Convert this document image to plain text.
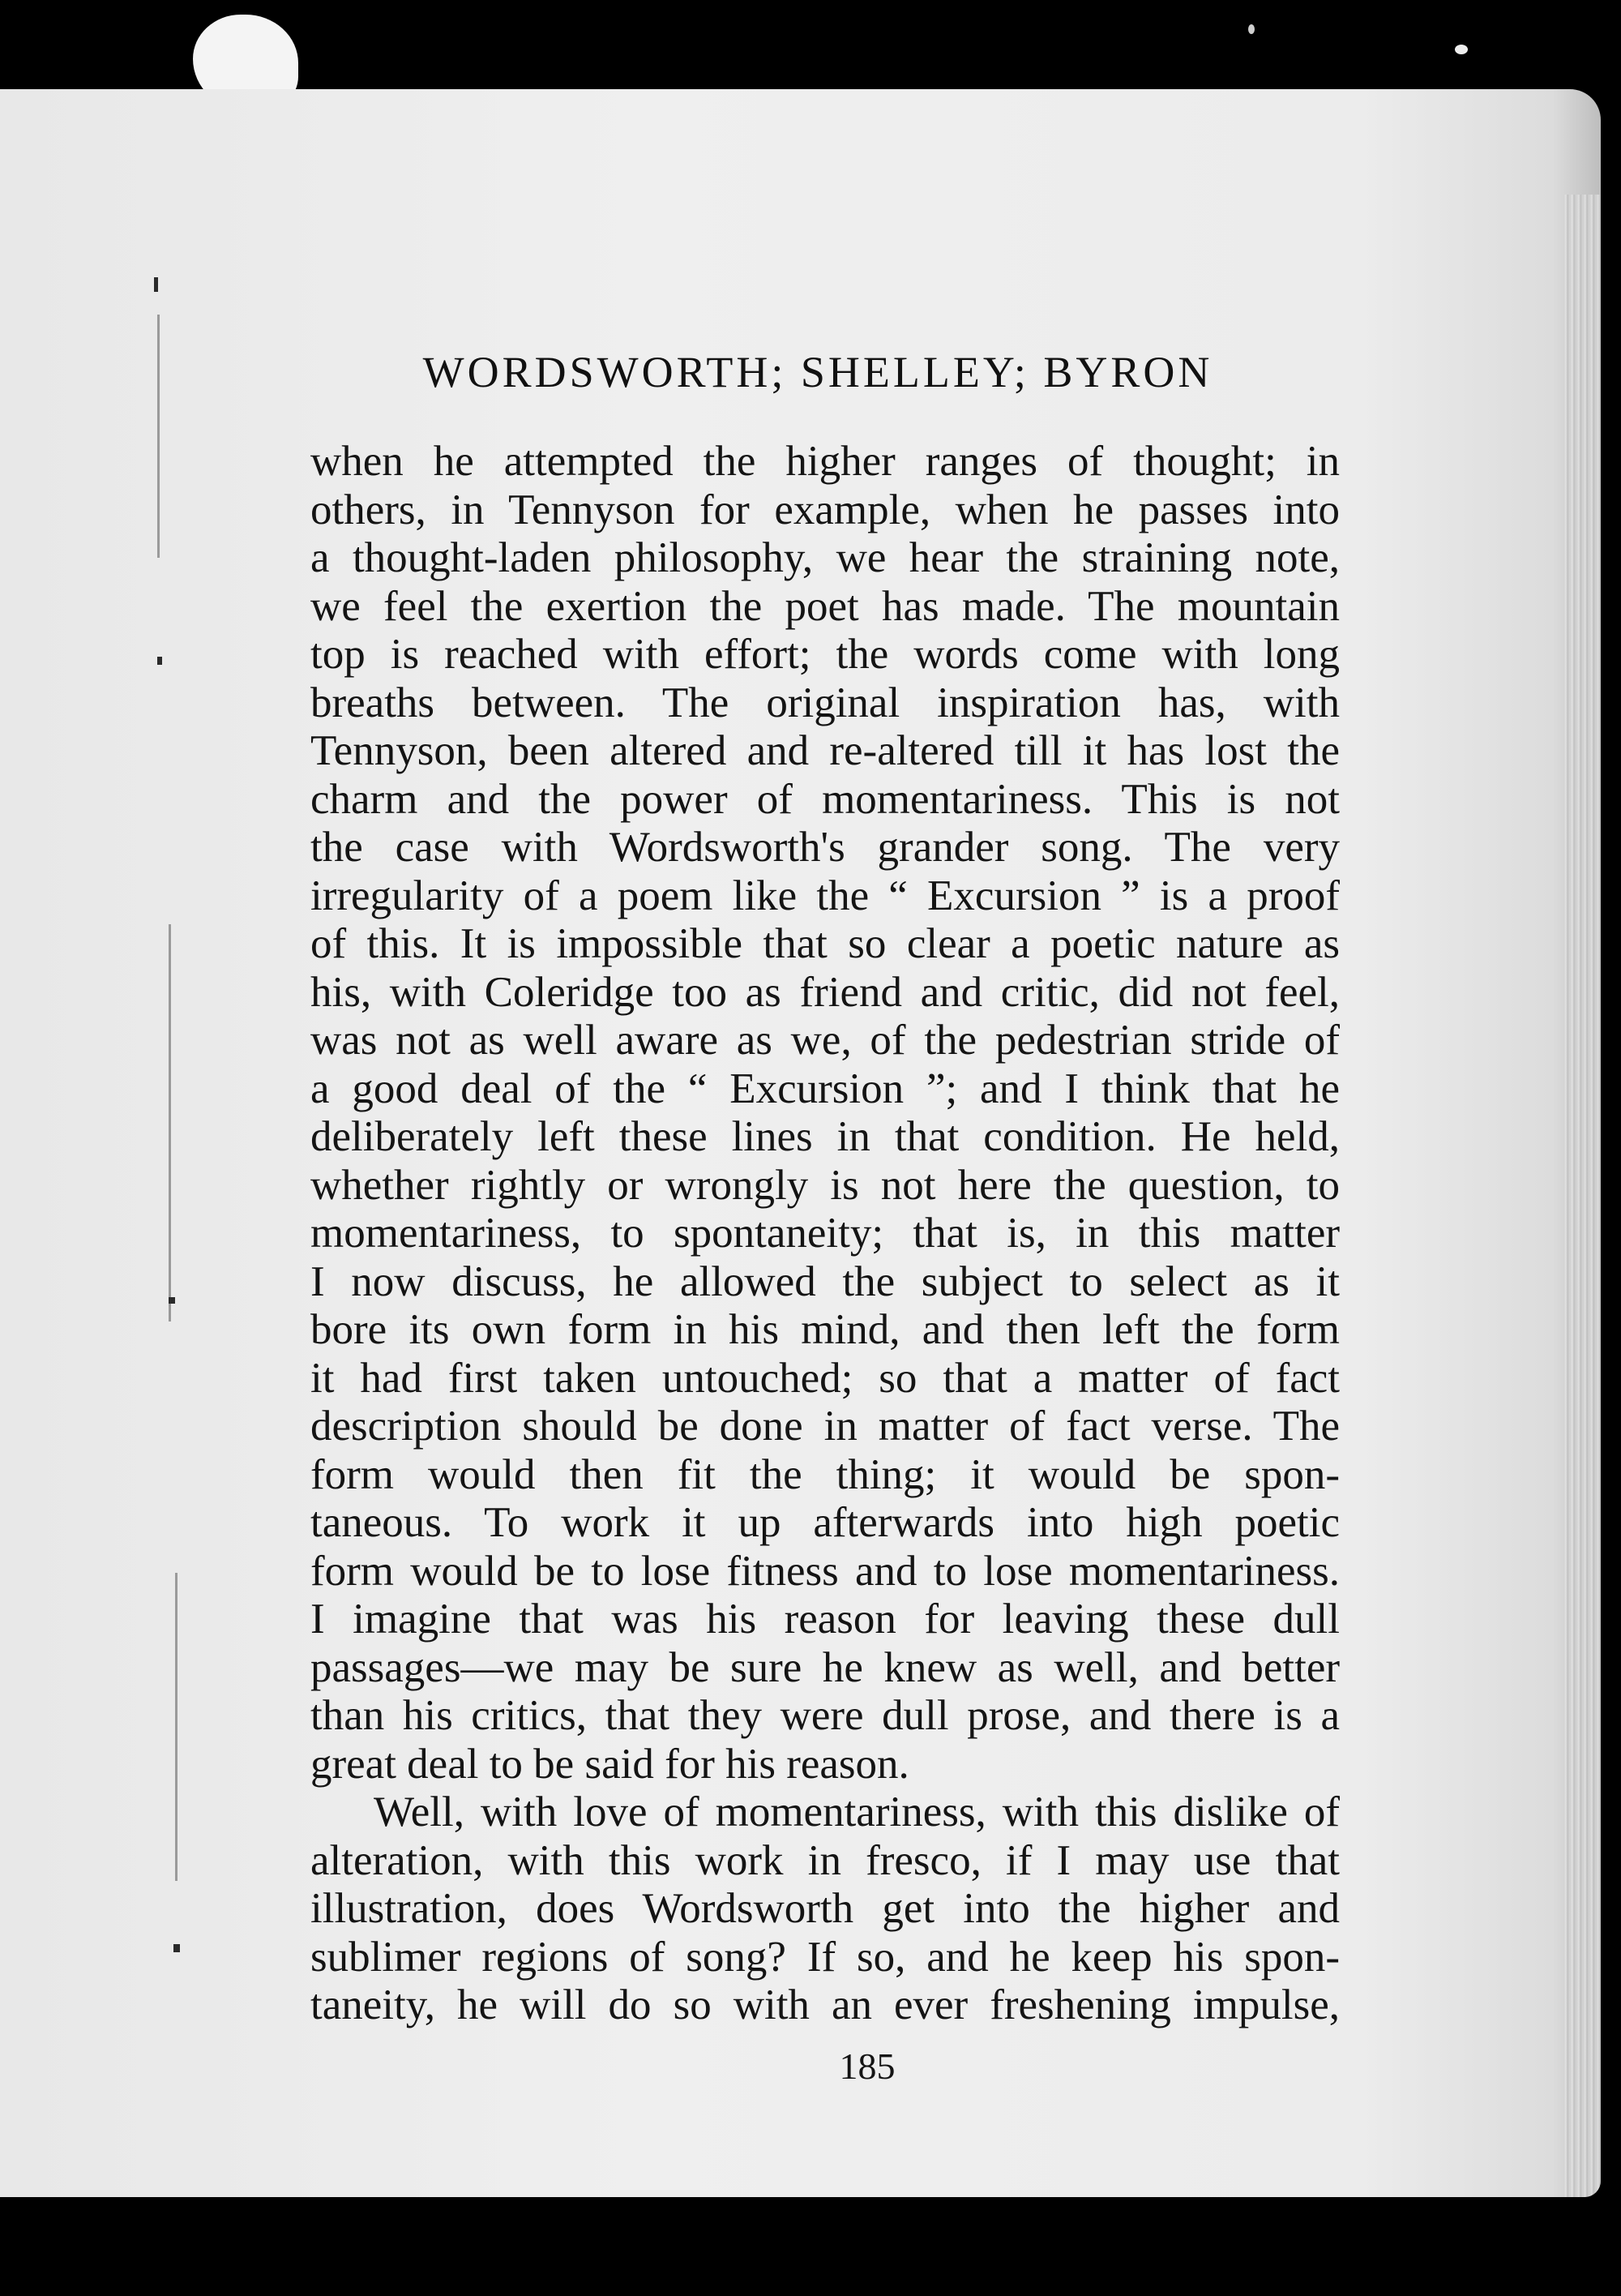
WORDSWORTH; SHELLEY; BYRON

when he attempted the higher ranges of thought; in

others, in Tennyson for example, when he passes into

a thought-laden philosophy, we hear the straining note,

we feel the exertion the poet has made. The mountain

top is reached with effort; the words come with long

breaths between. The original inspiration has, with

Tennyson, been altered and re-altered till it has lost the

charm and the power of momentariness. This is not

the case with Wordsworth's grander song. The very

irregularity of a poem like the “ Excursion ” is a proof

of this. It is impossible that so clear a poetic nature as

his, with Coleridge too as friend and critic, did not feel,

was not as well aware as we, of the pedestrian stride of

a good deal of the “ Excursion ”; and I think that he

deliberately left these lines in that condition. He held,

whether rightly or wrongly is not here the question, to

momentariness, to spontaneity; that is, in this matter

I now discuss, he allowed the subject to select as it

bore its own form in his mind, and then left the form

it had first taken untouched; so that a matter of fact

description should be done in matter of fact verse. The

form would then fit the thing; it would be spon-

taneous. To work it up afterwards into high poetic

form would be to lose fitness and to lose momentariness.

I imagine that was his reason for leaving these dull

passages—we may be sure he knew as well, and better

than his critics, that they were dull prose, and there is a

great deal to be said for his reason.

Well, with love of momentariness, with this dislike of

alteration, with this work in fresco, if I may use that

illustration, does Wordsworth get into the higher and

sublimer regions of song? If so, and he keep his spon-

taneity, he will do so with an ever freshening impulse,

185
